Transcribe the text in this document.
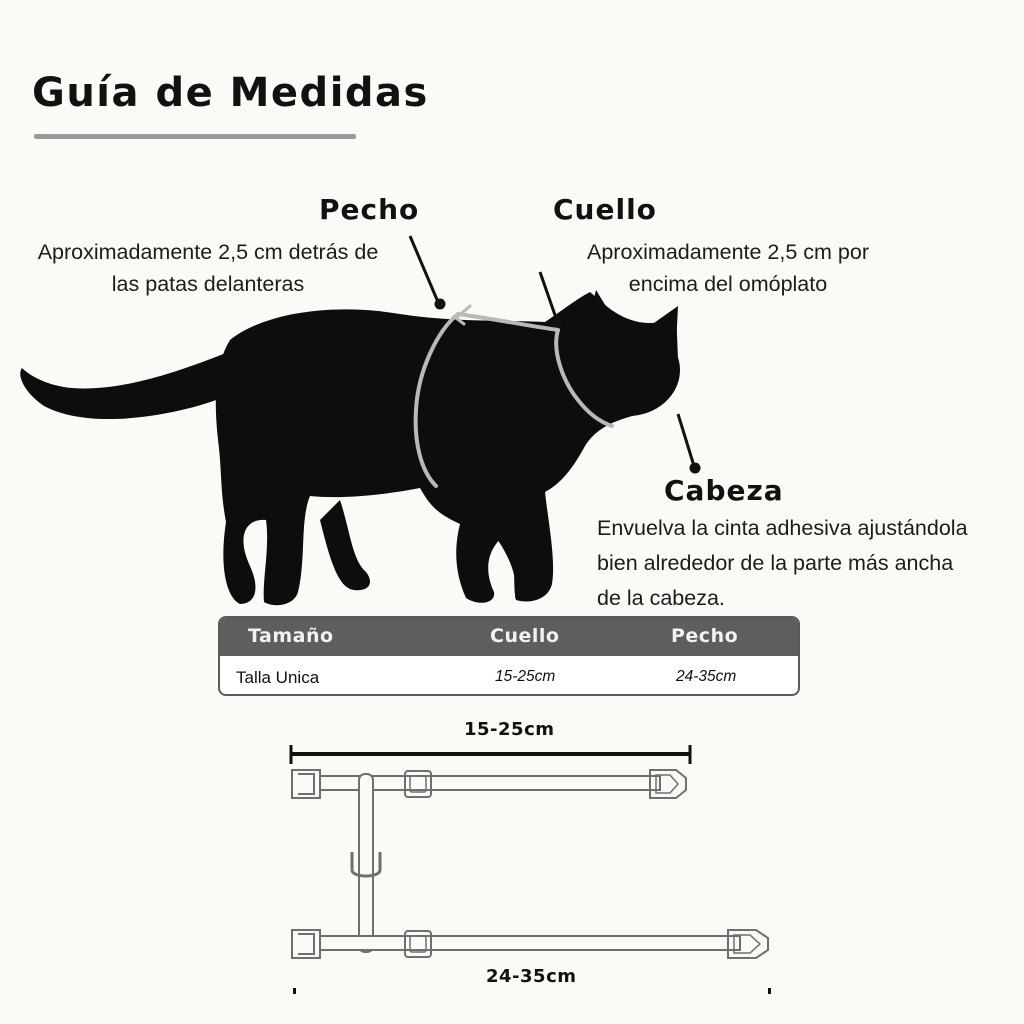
Guía de Medidas
Pecho
Aproximadamente 2,5 cm detrás de
las patas delanteras
Cuello
Aproximadamente 2,5 cm por
encima del omóplato
Cabeza
Envuelva la cinta adhesiva ajustándola
bien alrededor de la parte más ancha
de la cabeza.
Tamaño	Cuello	Pecho
Talla Unica	15-25cm	24-35cm
15-25cm
24-35cm
